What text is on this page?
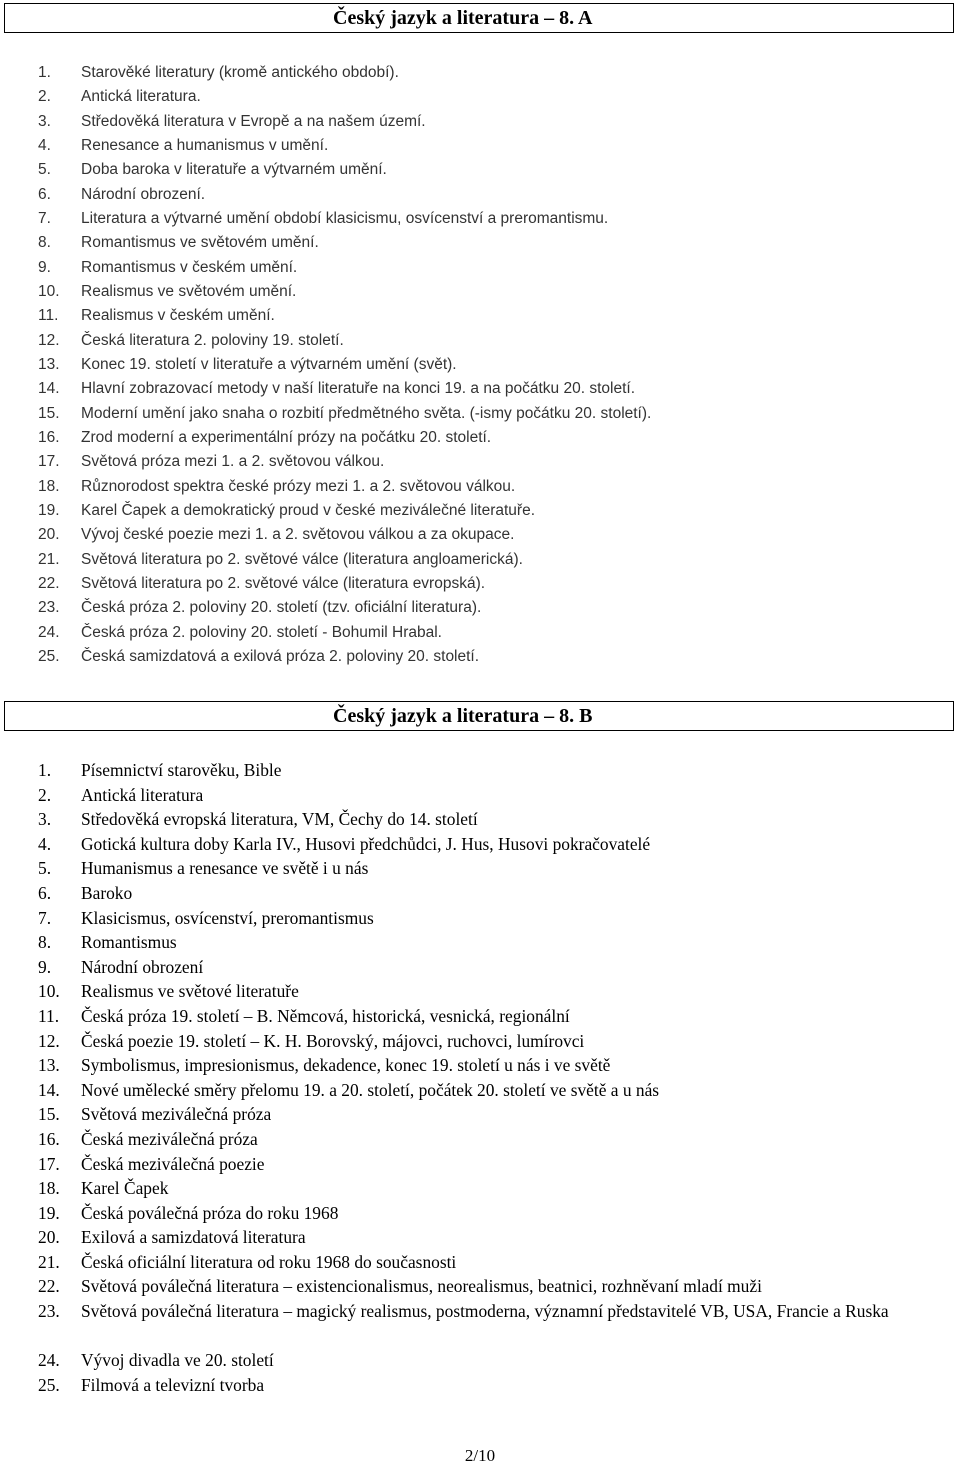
Český jazyk a literatura – 8. A
1. Starověké literatury (kromě antického období).
2. Antická literatura.
3. Středověká literatura v Evropě a na našem území.
4. Renesance a humanismus v umění.
5. Doba baroka v literatuře a výtvarném umění.
6. Národní obrození.
7. Literatura a výtvarné umění období klasicismu, osvícenství a preromantismu.
8. Romantismus ve světovém umění.
9. Romantismus v českém umění.
10. Realismus ve světovém umění.
11. Realismus v českém umění.
12. Česká literatura 2. poloviny 19. století.
13. Konec 19. století v literatuře a výtvarném umění (svět).
14. Hlavní zobrazovací metody v naší literatuře na konci 19. a na počátku 20. století.
15. Moderní umění jako snaha o rozbití předmětného světa. (-ismy počátku 20. století).
16. Zrod moderní a experimentální prózy na počátku 20. století.
17. Světová próza mezi 1. a 2. světovou válkou.
18. Různorodost spektra české prózy mezi 1. a 2. světovou válkou.
19. Karel Čapek a demokratický proud v české meziválečné literatuře.
20. Vývoj české poezie mezi 1. a 2. světovou válkou a za okupace.
21. Světová literatura po 2. světové válce (literatura angloamerická).
22. Světová literatura po 2. světové válce (literatura evropská).
23. Česká próza 2. poloviny 20. století (tzv. oficiální literatura).
24. Česká próza 2. poloviny 20. století - Bohumil Hrabal.
25. Česká samizdatová a exilová próza 2. poloviny 20. století.
Český jazyk a literatura – 8. B
1. Písemnictví starověku, Bible
2. Antická literatura
3. Středověká evropská literatura, VM, Čechy do 14. století
4. Gotická kultura doby Karla IV., Husovi předchůdci, J. Hus, Husovi pokračovatelé
5. Humanismus a renesance ve světě i u nás
6. Baroko
7. Klasicismus, osvícenství, preromantismus
8. Romantismus
9. Národní obrození
10. Realismus ve světové literatuře
11. Česká próza 19. století – B. Němcová, historická, vesnická, regionální
12. Česká poezie 19. století – K. H. Borovský, májovci, ruchovci, lumírovci
13. Symbolismus, impresionismus, dekadence, konec 19. století u nás i ve světě
14. Nové umělecké směry přelomu 19. a 20. století, počátek 20. století ve světě a u nás
15. Světová meziválečná próza
16. Česká meziválečná próza
17. Česká meziválečná poezie
18. Karel Čapek
19. Česká poválečná próza do roku 1968
20. Exilová a samizdatová literatura
21. Česká oficiální literatura od roku 1968 do současnosti
22. Světová poválečná literatura – existencionalismus, neorealismus, beatnici, rozhněvaní mladí muži
23. Světová poválečná literatura – magický realismus, postmoderna, významní představitelé VB, USA, Francie a Ruska
24. Vývoj divadla ve 20. století
25. Filmová a televizní tvorba
2/10
